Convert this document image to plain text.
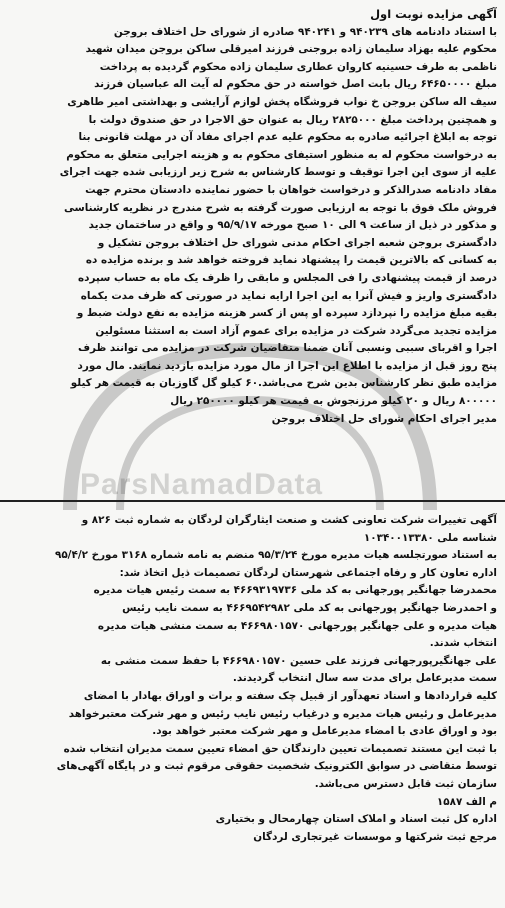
ParsNamadData
آگهی مزایده نوبت اول
با استناد دادنامه های ۹۴۰۲۳۹ و ۹۴۰۲۴۱ صادره از شورای حل اختلاف بروجن
محکوم علیه بهزاد سلیمان زاده بروجنی فرزند امیرقلی ساکن بروجن میدان شهید
ناظمی به طرف حسینیه کاروان عطاری سلیمان زاده محکوم گردیده به پرداخت
مبلغ ۶۴۶۵۰۰۰۰ ریال بابت اصل خواسته در حق محکوم له آیت اله عباسیان فرزند
سیف اله ساکن بروجن خ نواب فروشگاه پخش لوازم آرایشی و بهداشتی امیر طاهری
و همچنین پرداخت مبلغ ۲۸۲۵۰۰۰ ریال به عنوان حق الاجرا در حق صندوق دولت با
توجه به ابلاغ اجرائیه صادره به محکوم علیه عدم اجرای مفاد آن در مهلت قانونی بنا
به درخواست محکوم له به منظور استیفای محکوم به و هزینه اجرایی متعلق به محکوم
علیه از سوی این اجرا توقیف و توسط کارشناس به شرح زیر ارزیابی شده جهت اجرای
مفاد دادنامه صدرالذکر و درخواست خواهان با حضور نماینده دادستان محترم جهت
فروش ملک فوق با توجه به ارزیابی صورت گرفته به شرح مندرج در نظریه کارشناسی
و مذکور در ذیل از ساعت ۹ الی ۱۰ صبح مورخه ۹۵/۹/۱۷ و واقع در ساختمان جدید
دادگستری بروجن شعبه اجرای احکام مدنی شورای حل اختلاف بروجن تشکیل و
به کسانی که بالاترین قیمت را پیشنهاد نماید فروخته خواهد شد و برنده مزایده ده
درصد از قیمت پیشنهادی را فی المجلس و مابقی را ظرف یک ماه به حساب سپرده
دادگستری واریز و فیش آنرا به این اجرا ارایه نماید در صورتی که ظرف مدت یکماه
بقیه مبلغ مزایده را نپردازد سپرده او پس از کسر هزینه مزایده به نفع دولت ضبط و
مزایده تجدید می‌گردد شرکت در مزایده برای عموم آزاد است به استثنا مسئولین
اجرا و اقربای سببی ونسبی آنان ضمنا متقاضیان شرکت در مزایده می توانند ظرف
پنج روز قبل از مزایده با اطلاع این اجرا از مال مورد مزایده بازدید نمایند. مال مورد
مزایده طبق نظر کارشناس بدین شرح می‌باشد.۶۰ کیلو گل گاوزبان به قیمت هر کیلو
۸۰۰۰۰۰ ریال و ۲۰ کیلو مرزنجوش به قیمت هر کیلو ۲۵۰۰۰۰ ریال
مدیر اجرای احکام شورای حل اختلاف بروجن
آگهی تغییرات شرکت تعاونی کشت و صنعت ایثارگران لردگان به شماره ثبت ۸۲۶ و
شناسه ملی ۱۰۳۴۰۰۱۳۳۸۰
به استناد صورتجلسه هیات مدیره مورخ ۹۵/۳/۲۴ منضم به نامه شماره ۳۱۶۸ مورخ ۹۵/۴/۲
اداره تعاون کار و رفاه اجتماعی شهرستان لردگان تصمیمات ذیل اتخاذ شد:
محمدرضا جهانگیر پورجهانی به کد ملی ۴۶۶۹۳۱۹۷۳۶ به سمت رئیس هیات مدیره
و احمدرضا جهانگیر پورجهانی به کد ملی ۴۶۶۹۵۴۲۹۸۲ به سمت نایب رئیس
هیات مدیره و علی جهانگیر پورجهانی ۴۶۶۹۸۰۱۵۷۰ به سمت منشی هیات مدیره
انتخاب شدند.
علی جهانگیرپورجهانی فرزند علی حسین ۴۶۶۹۸۰۱۵۷۰ با حفظ سمت منشی به
سمت مدیرعامل برای مدت سه سال انتخاب گردیدند.
کلیه قراردادها و اسناد تعهدآور از قبیل چک سفته و برات و اوراق بهادار با امضای
مدیرعامل و رئیس هیات مدیره و درغیاب رئیس نایب رئیس و مهر شرکت معتبرخواهد
بود و اوراق عادی با امضاء مدیرعامل و مهر شرکت معتبر خواهد بود.
با ثبت این مستند تصمیمات تعیین دارندگان حق امضاء تعیین سمت مدیران انتخاب شده
توسط متقاضی در سوابق الکترونیک شخصیت حقوقی مرقوم ثبت و در پایگاه آگهی‌های
سازمان ثبت قابل دسترس می‌باشد.
م الف ۱۵۸۷
اداره کل ثبت اسناد و املاک استان چهارمحال و بختیاری
مرجع ثبت شرکتها و موسسات غیرتجاری لردگان
